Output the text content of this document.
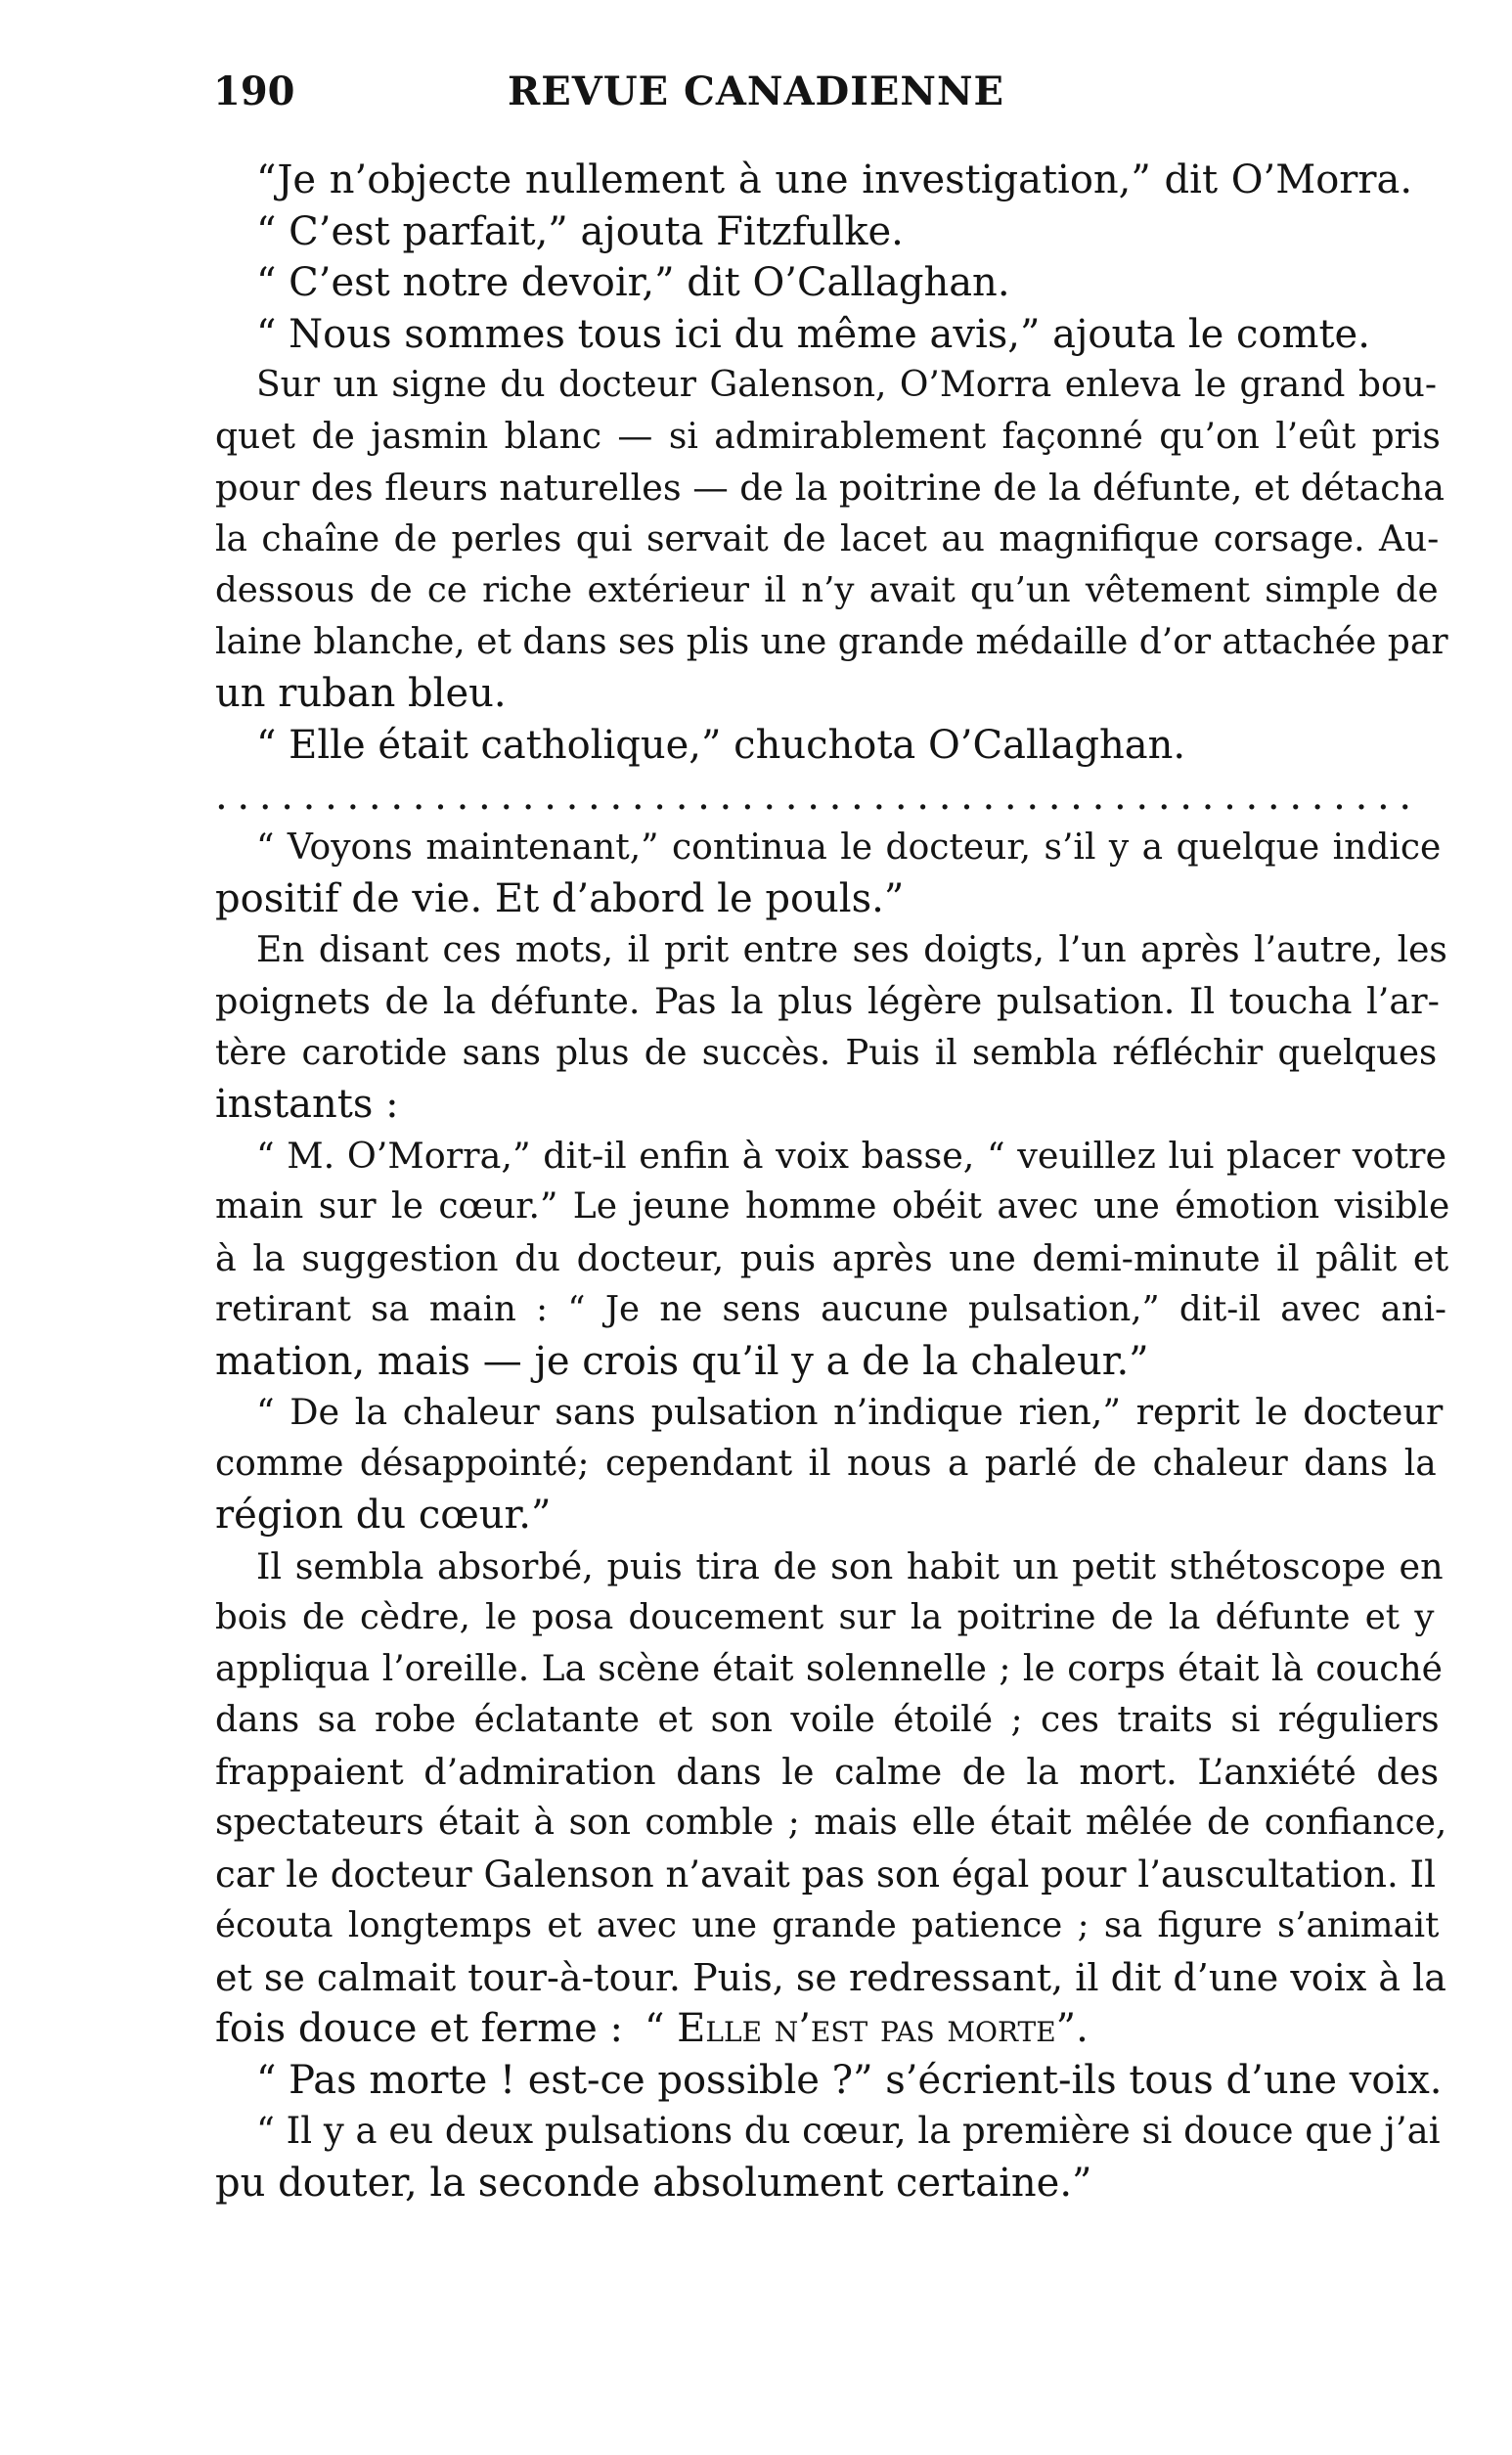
190	REVUE CANADIENNE
“Je n’objecte nullement à une investigation,” dit O’Morra.
“ C’est parfait,” ajouta Fitzfulke.
“ C’est notre devoir,” dit O’Callaghan.
“ Nous sommes tous ici du même avis,” ajouta le comte.
Sur un signe du docteur Galenson, O’Morra enleva le grand bou-
quet de jasmin blanc — si admirablement façonné qu’on l’eût pris
pour des fleurs naturelles — de la poitrine de la défunte, et détacha
la chaîne de perles qui servait de lacet au magnifique corsage. Au-
dessous de ce riche extérieur il n’y avait qu’un vêtement simple de
laine blanche, et dans ses plis une grande médaille d’or attachée par
un ruban bleu.
“ Elle était catholique,” chuchota O’Callaghan.
.......................................................
“ Voyons maintenant,” continua le docteur, s’il y a quelque indice
positif de vie. Et d’abord le pouls.”
En disant ces mots, il prit entre ses doigts, l’un après l’autre, les
poignets de la défunte. Pas la plus légère pulsation. Il toucha l’ar-
tère carotide sans plus de succès. Puis il sembla réfléchir quelques
instants :
“ M. O’Morra,” dit-il enfin à voix basse, “ veuillez lui placer votre
main sur le cœur.” Le jeune homme obéit avec une émotion visible
à la suggestion du docteur, puis après une demi-minute il pâlit et
retirant sa main : “ Je ne sens aucune pulsation,” dit-il avec ani-
mation, mais — je crois qu’il y a de la chaleur.”
“ De la chaleur sans pulsation n’indique rien,” reprit le docteur
comme désappointé; cependant il nous a parlé de chaleur dans la
région du cœur.”
Il sembla absorbé, puis tira de son habit un petit sthétoscope en
bois de cèdre, le posa doucement sur la poitrine de la défunte et y
appliqua l’oreille. La scène était solennelle ; le corps était là couché
dans sa robe éclatante et son voile étoilé ; ces traits si réguliers
frappaient d’admiration dans le calme de la mort. L’anxiété des
spectateurs était à son comble ; mais elle était mêlée de confiance,
car le docteur Galenson n’avait pas son égal pour l’auscultation. Il
écouta longtemps et avec une grande patience ; sa figure s’animait
et se calmait tour-à-tour. Puis, se redressant, il dit d’une voix à la
fois douce et ferme : “ Elle n’est pas morte”.
“ Pas morte ! est-ce possible ?” s’écrient-ils tous d’une voix.
“ Il y a eu deux pulsations du cœur, la première si douce que j’ai
pu douter, la seconde absolument certaine.”
